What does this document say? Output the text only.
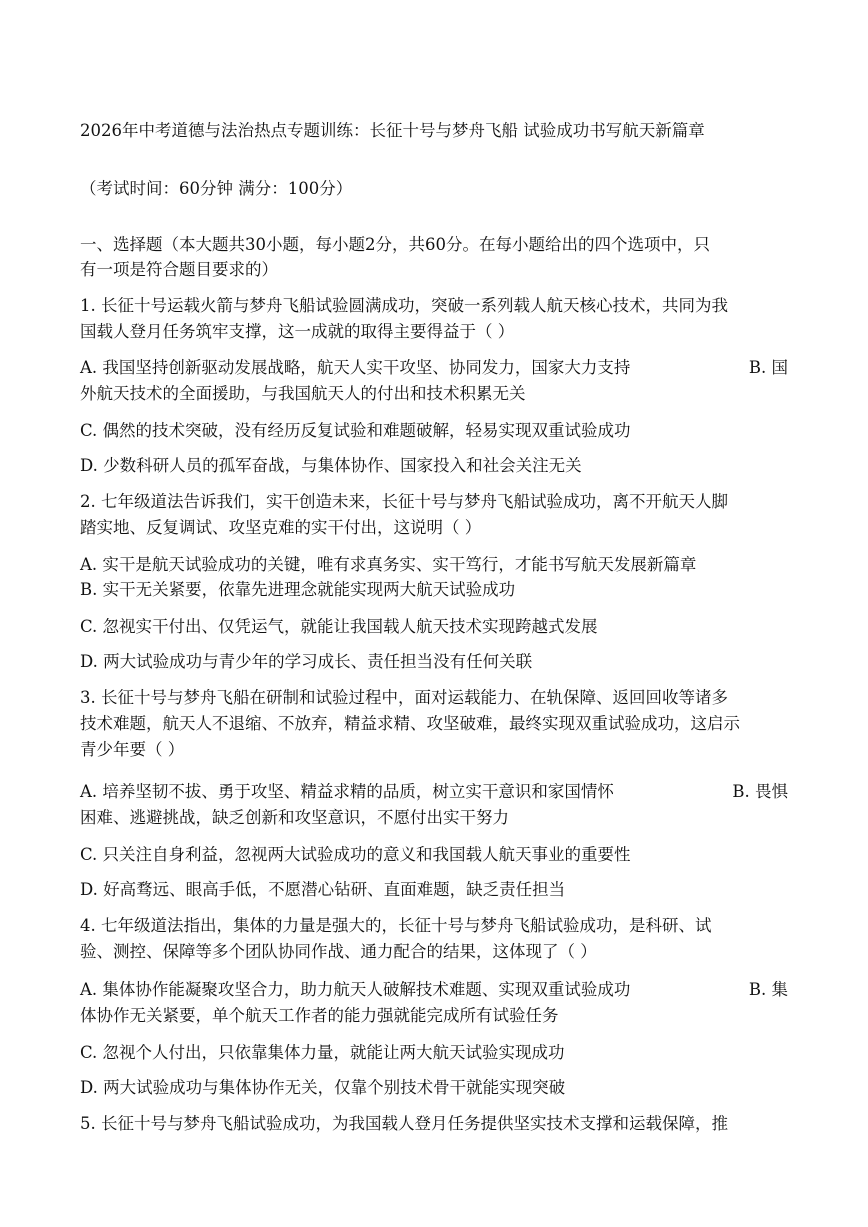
2026年中考道德与法治热点专题训练：长征十号与梦舟飞船 试验成功书写航天新篇章
（考试时间：60分钟 满分：100分）
一、选择题（本大题共30小题，每小题2分，共60分。在每小题给出的四个选项中，只
有一项是符合题目要求的）
1. 长征十号运载火箭与梦舟飞船试验圆满成功，突破一系列载人航天核心技术，共同为我
国载人登月任务筑牢支撑，这一成就的取得主要得益于（ ）
A. 我国坚持创新驱动发展战略，航天人实干攻坚、协同发力，国家大力支持	B. 国
外航天技术的全面援助，与我国航天人的付出和技术积累无关
C. 偶然的技术突破，没有经历反复试验和难题破解，轻易实现双重试验成功
D. 少数科研人员的孤军奋战，与集体协作、国家投入和社会关注无关
2. 七年级道法告诉我们，实干创造未来，长征十号与梦舟飞船试验成功，离不开航天人脚
踏实地、反复调试、攻坚克难的实干付出，这说明（ ）
A. 实干是航天试验成功的关键，唯有求真务实、实干笃行，才能书写航天发展新篇章
B. 实干无关紧要，依靠先进理念就能实现两大航天试验成功
C. 忽视实干付出、仅凭运气，就能让我国载人航天技术实现跨越式发展
D. 两大试验成功与青少年的学习成长、责任担当没有任何关联
3. 长征十号与梦舟飞船在研制和试验过程中，面对运载能力、在轨保障、返回回收等诸多
技术难题，航天人不退缩、不放弃，精益求精、攻坚破难，最终实现双重试验成功，这启示
青少年要（ ）
A. 培养坚韧不拔、勇于攻坚、精益求精的品质，树立实干意识和家国情怀	B. 畏惧
困难、逃避挑战，缺乏创新和攻坚意识，不愿付出实干努力
C. 只关注自身利益，忽视两大试验成功的意义和我国载人航天事业的重要性
D. 好高骛远、眼高手低，不愿潜心钻研、直面难题，缺乏责任担当
4. 七年级道法指出，集体的力量是强大的，长征十号与梦舟飞船试验成功，是科研、试
验、测控、保障等多个团队协同作战、通力配合的结果，这体现了（ ）
A. 集体协作能凝聚攻坚合力，助力航天人破解技术难题、实现双重试验成功	B. 集
体协作无关紧要，单个航天工作者的能力强就能完成所有试验任务
C. 忽视个人付出，只依靠集体力量，就能让两大航天试验实现成功
D. 两大试验成功与集体协作无关，仅靠个别技术骨干就能实现突破
5. 长征十号与梦舟飞船试验成功，为我国载人登月任务提供坚实技术支撑和运载保障，推
